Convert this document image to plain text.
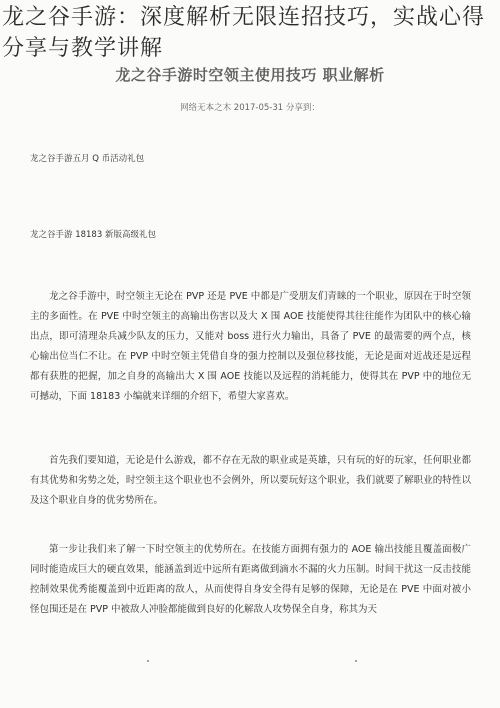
龙之谷手游：深度解析无限连招技巧，实战心得分享与教学讲解
龙之谷手游时空领主使用技巧 职业解析
网络无本之木 2017-05-31 分享到：
龙之谷手游五月 Q 币活动礼包
龙之谷手游 18183 新版高级礼包

龙之谷手游中，时空领主无论在 PVP 还是 PVE 中都是广受朋友们青睐的一个职业，原因在于时空领主的多面性。在 PVE 中时空领主的高输出伤害以及大 X 围 AOE 技能使得其往往能作为团队中的核心输出点，即可清理杂兵减少队友的压力，又能对 boss 进行火力输出，具备了 PVE 的最需要的两个点，核心输出位当仁不让。在 PVP 中时空领主凭借自身的强力控制以及强位移技能，无论是面对近战还是远程都有获胜的把握，加之自身的高输出大 X 围 AOE 技能以及远程的消耗能力，使得其在 PVP 中的地位无可撼动，下面 18183 小编就来详细的介绍下，希望大家喜欢。

首先我们要知道，无论是什么游戏，都不存在无敌的职业或是英雄，只有玩的好的玩家，任何职业都有其优势和劣势之处，时空领主这个职业也不会例外，所以要玩好这个职业，我们就要了解职业的特性以及这个职业自身的优劣势所在。

第一步让我们来了解一下时空领主的优势所在。在技能方面拥有强力的 AOE 输出技能且覆盖面极广同时能造成巨大的硬直效果，能涵盖到近中远所有距离做到滴水不漏的火力压制。时间干扰这一反击技能控制效果优秀能覆盖到中近距离的敌人，从而使得自身安全得有足够的保障，无论是在 PVE 中面对被小怪包围还是在 PVP 中被敌人冲脸都能做到良好的化解敌人攻势保全自身，称其为天
